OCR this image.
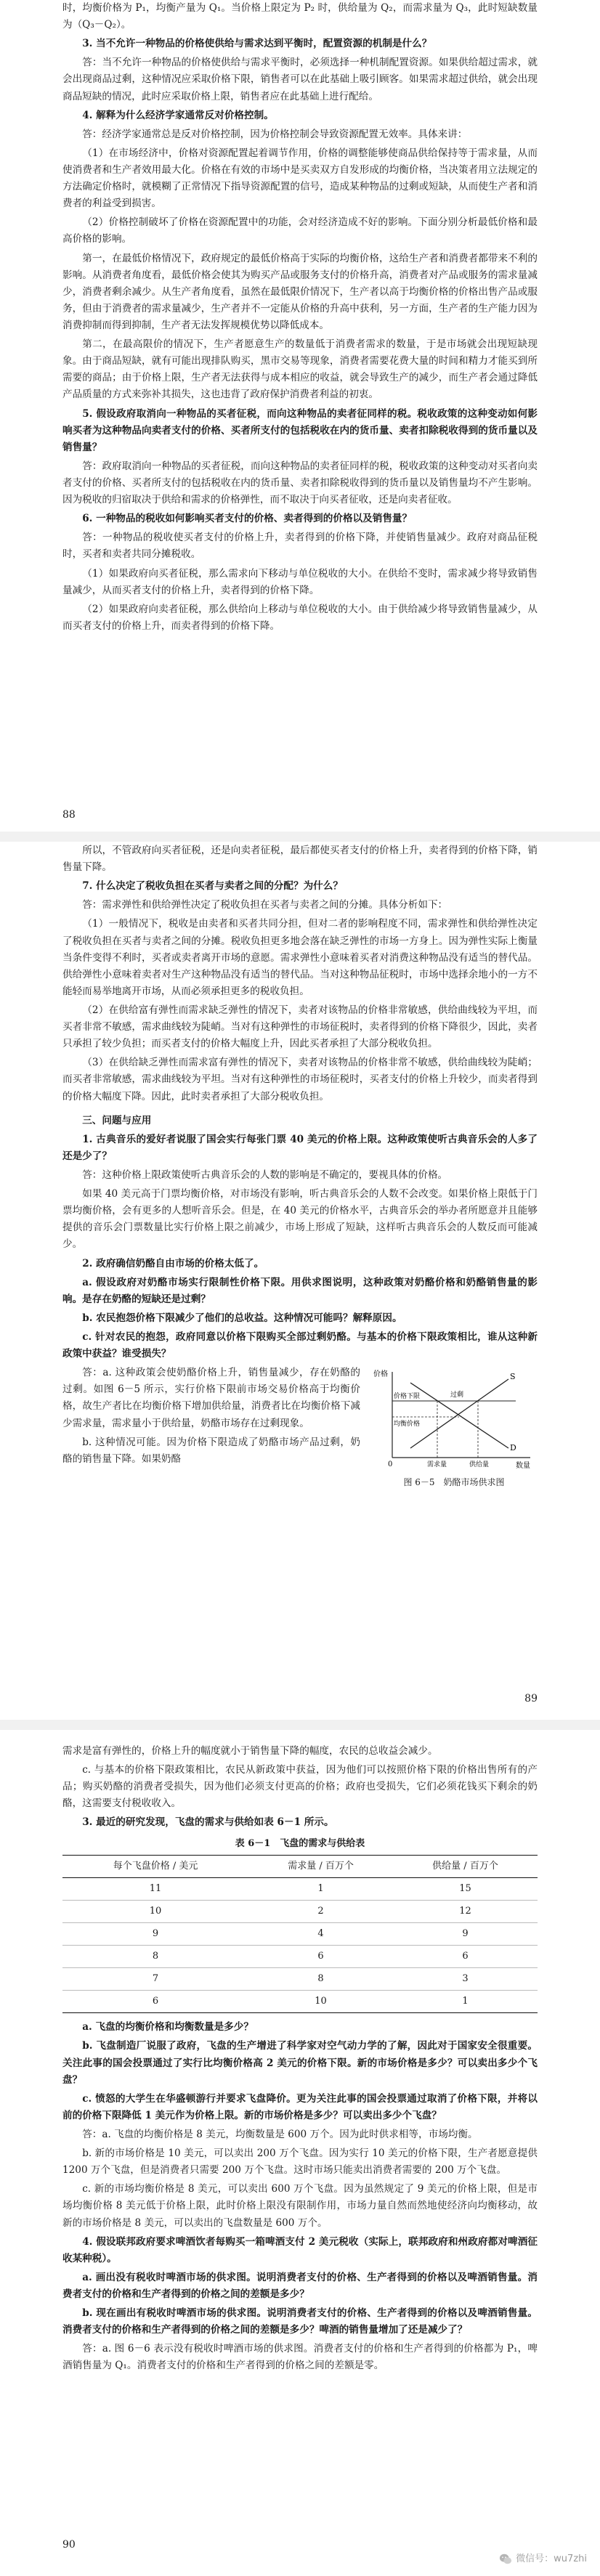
时，均衡价格为 P₁，均衡产量为 Q₁。当价格上限定为 P₂ 时，供给量为 Q₂，而需求量为 Q₃，此时短缺数量为（Q₃－Q₂）。

3. 当不允许一种物品的价格使供给与需求达到平衡时，配置资源的机制是什么？

答：当不允许一种物品的价格使供给与需求平衡时，必须选择一种机制配置资源。如果供给超过需求，就会出现商品过剩，这种情况应采取价格下限，销售者可以在此基础上吸引顾客。如果需求超过供给，就会出现商品短缺的情况，此时应采取价格上限，销售者应在此基础上进行配给。

4. 解释为什么经济学家通常反对价格控制。

答：经济学家通常总是反对价格控制，因为价格控制会导致资源配置无效率。具体来讲：

（1）在市场经济中，价格对资源配置起着调节作用，价格的调整能够使商品供给保持等于需求量，从而使消费者和生产者效用最大化。价格在有效的市场中是买卖双方自发形成的均衡价格，当决策者用立法规定的方法确定价格时，就模糊了正常情况下指导资源配置的信号，造成某种物品的过剩或短缺，从而使生产者和消费者的利益受到损害。

（2）价格控制破坏了价格在资源配置中的功能，会对经济造成不好的影响。下面分别分析最低价格和最高价格的影响。

第一，在最低价格情况下，政府规定的最低价格高于实际的均衡价格，这给生产者和消费者都带来不利的影响。从消费者角度看，最低价格会使其为购买产品或服务支付的价格升高，消费者对产品或服务的需求量减少，消费者剩余减少。从生产者角度看，虽然在最低限价情况下，生产者以高于均衡价格的价格出售产品或服务，但由于消费者的需求量减少，生产者并不一定能从价格的升高中获利，另一方面，生产者的生产能力因为消费抑制而得到抑制，生产者无法发挥规模优势以降低成本。

第二，在最高限价的情况下，生产者愿意生产的数量低于消费者需求的数量，于是市场就会出现短缺现象。由于商品短缺，就有可能出现排队购买，黑市交易等现象，消费者需要花费大量的时间和精力才能买到所需要的商品；由于价格上限，生产者无法获得与成本相应的收益，就会导致生产的减少，而生产者会通过降低产品质量的方式来弥补其损失，这也违背了政府保护消费者利益的初衷。

5. 假设政府取消向一种物品的买者征税，而向这种物品的卖者征同样的税。税收政策的这种变动如何影响买者为这种物品向卖者支付的价格、买者所支付的包括税收在内的货币量、卖者扣除税收得到的货币量以及销售量？

答：政府取消向一种物品的买者征税，而向这种物品的卖者征同样的税，税收政策的这种变动对买者向卖者支付的价格、买者所支付的包括税收在内的货币量、卖者扣除税收得到的货币量以及销售量均不产生影响。因为税收的归宿取决于供给和需求的价格弹性，而不取决于向买者征收，还是向卖者征收。

6. 一种物品的税收如何影响买者支付的价格、卖者得到的价格以及销售量？

答：一种物品的税收使买者支付的价格上升，卖者得到的价格下降，并使销售量减少。政府对商品征税时，买者和卖者共同分摊税收。

（1）如果政府向买者征税，那么需求向下移动与单位税收的大小。在供给不变时，需求减少将导致销售量减少，从而买者支付的价格上升，卖者得到的价格下降。

（2）如果政府向卖者征税，那么供给向上移动与单位税收的大小。由于供给减少将导致销售量减少，从而买者支付的价格上升，而卖者得到的价格下降。

88

所以，不管政府向买者征税，还是向卖者征税，最后都使买者支付的价格上升，卖者得到的价格下降，销售量下降。

7. 什么决定了税收负担在买者与卖者之间的分配？为什么？

答：需求弹性和供给弹性决定了税收负担在买者与卖者之间的分摊。具体分析如下：

（1）一般情况下，税收是由卖者和买者共同分担，但对二者的影响程度不同，需求弹性和供给弹性决定了税收负担在买者与卖者之间的分摊。税收负担更多地会落在缺乏弹性的市场一方身上。因为弹性实际上衡量当条件变得不利时，买者或卖者离开市场的意愿。需求弹性小意味着买者对消费这种物品没有适当的替代品。供给弹性小意味着卖者对生产这种物品没有适当的替代品。当对这种物品征税时，市场中选择余地小的一方不能轻而易举地离开市场，从而必须承担更多的税收负担。

（2）在供给富有弹性而需求缺乏弹性的情况下，卖者对该物品的价格非常敏感，供给曲线较为平坦，而买者非常不敏感，需求曲线较为陡峭。当对有这种弹性的市场征税时，卖者得到的价格下降很少，因此，卖者只承担了较少负担；而买者支付的价格大幅度上升，因此买者承担了大部分税收负担。

（3）在供给缺乏弹性而需求富有弹性的情况下，卖者对该物品的价格非常不敏感，供给曲线较为陡峭；而买者非常敏感，需求曲线较为平坦。当对有这种弹性的市场征税时，买者支付的价格上升较少，而卖者得到的价格大幅度下降。因此，此时卖者承担了大部分税收负担。

三、问题与应用

1. 古典音乐的爱好者说服了国会实行每张门票 40 美元的价格上限。这种政策使听古典音乐会的人多了还是少了？

答：这种价格上限政策使听古典音乐会的人数的影响是不确定的，要视具体的价格。

如果 40 美元高于门票均衡价格，对市场没有影响，听古典音乐会的人数不会改变。如果价格上限低于门票均衡价格，会有更多的人想听音乐会。但是，在 40 美元的价格水平，古典音乐会的举办者所愿意并且能够提供的音乐会门票数量比实行价格上限之前减少，市场上形成了短缺，这样听古典音乐会的人数反而可能减少。

2. 政府确信奶酪自由市场的价格太低了。

a. 假设政府对奶酪市场实行限制性价格下限。用供求图说明，这种政策对奶酪价格和奶酪销售量的影响。是存在奶酪的短缺还是过剩？

b. 农民抱怨价格下限减少了他们的总收益。这种情况可能吗？解释原因。

c. 针对农民的抱怨，政府同意以价格下限购买全部过剩奶酪。与基本的价格下限政策相比，谁从这种新政策中获益？谁受损失？

答：a. 这种政策会使奶酪价格上升，销售量减少，存在奶酪的过剩。如图 6－5 所示，实行价格下限前市场交易价格高于均衡价格，故生产者比在均衡价格下增加供给量，消费者比在均衡价格下减少需求量，需求量小于供给量，奶酪市场存在过剩现象。

b. 这种情况可能。因为价格下限造成了奶酪市场产品过剩，奶酪的销售量下降。如果奶酪

价格
数量
0
S
D
价格下限
均衡价格
需求量	供给量
过剩
图 6－5　奶酪市场供求图
89

需求是富有弹性的，价格上升的幅度就小于销售量下降的幅度，农民的总收益会减少。

c. 与基本的价格下限政策相比，农民从新政策中获益，因为他们可以按照价格下限的价格出售所有的产品；购买奶酪的消费者受损失，因为他们必须支付更高的价格；政府也受损失，它们必须花钱买下剩余的奶酪，这需要支付税收收入。

3. 最近的研究发现，飞盘的需求与供给如表 6－1 所示。

表 6－1　飞盘的需求与供给表
每个飞盘价格 / 美元	需求量 / 百万个	供给量 / 百万个
11	1	15
10	2	12
9	4	9
8	6	6
7	8	3
6	10	1

a. 飞盘的均衡价格和均衡数量是多少？

b. 飞盘制造厂说服了政府，飞盘的生产增进了科学家对空气动力学的了解，因此对于国家安全很重要。关注此事的国会投票通过了实行比均衡价格高 2 美元的价格下限。新的市场价格是多少？可以卖出多少个飞盘？

c. 愤怒的大学生在华盛顿游行并要求飞盘降价。更为关注此事的国会投票通过取消了价格下限，并将以前的价格下限降低 1 美元作为价格上限。新的市场价格是多少？可以卖出多少个飞盘？

答：a. 飞盘的均衡价格是 8 美元，均衡数量是 600 万个。因为此时供求相等，市场均衡。

b. 新的市场价格是 10 美元，可以卖出 200 万个飞盘。因为实行 10 美元的价格下限，生产者愿意提供 1200 万个飞盘，但是消费者只需要 200 万个飞盘。这时市场只能卖出消费者需要的 200 万个飞盘。

c. 新的市场均衡价格是 8 美元，可以卖出 600 万个飞盘。因为虽然规定了 9 美元的价格上限，但是市场均衡价格 8 美元低于价格上限，此时价格上限没有限制作用，市场力量自然而然地使经济向均衡移动，故新的市场价格是 8 美元，可以卖出的飞盘数量是 600 万个。

4. 假设联邦政府要求啤酒饮者每购买一箱啤酒支付 2 美元税收（实际上，联邦政府和州政府都对啤酒征收某种税）。

a. 画出没有税收时啤酒市场的供求图。说明消费者支付的价格、生产者得到的价格以及啤酒销售量。消费者支付的价格和生产者得到的价格之间的差额是多少？

b. 现在画出有税收时啤酒市场的供求图。说明消费者支付的价格、生产者得到的价格以及啤酒销售量。消费者支付的价格和生产者得到的价格之间的差额是多少？啤酒的销售量增加了还是减少了？

答：a. 图 6－6 表示没有税收时啤酒市场的供求图。消费者支付的价格和生产者得到的价格都为 P₁，啤酒销售量为 Q₁。消费者支付的价格和生产者得到的价格之间的差额是零。

90
微信号：wu7zhi
